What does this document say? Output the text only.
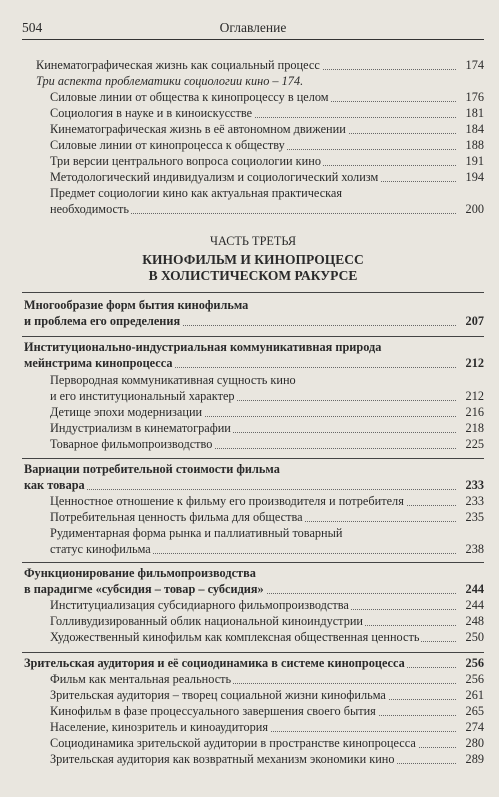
504	Оглавление
Кинематографическая жизнь как социальный процесс	174
Три аспекта проблематики социологии кино – 174.
Силовые линии от общества к кинопроцессу в целом	176
Социология в науке и в киноискусстве	181
Кинематографическая жизнь в её автономном движении	184
Силовые линии от кинопроцесса к обществу	188
Три версии центрального вопроса социологии кино	191
Методологический индивидуализм и социологический холизм	194
Предмет социологии кино как актуальная практическая
необходимость	200
ЧАСТЬ ТРЕТЬЯ
КИНОФИЛЬМ И КИНОПРОЦЕСС
В ХОЛИСТИЧЕСКОМ РАКУРСЕ
Многообразие форм бытия кинофильма
и проблема его определения	207
Институционально-индустриальная коммуникативная природа
мейнстрима кинопроцесса	212
Первородная коммуникативная сущность кино
и его институциональный характер	212
Детище эпохи модернизации	216
Индустриализм в кинематографии	218
Товарное фильмопроизводство	225
Вариации потребительной стоимости фильма
как товара	233
Ценностное отношение к фильму его производителя и потребителя	233
Потребительная ценность фильма для общества	235
Рудиментарная форма рынка и паллиативный товарный
статус кинофильма	238
Функционирование фильмопроизводства
в парадигме «субсидия – товар – субсидия»	244
Институциализация субсидиарного фильмопроизводства	244
Голливудизированный облик национальной киноиндустрии	248
Художественный кинофильм как комплексная общественная ценность	250
Зрительская аудитория и её социодинамика в системе кинопроцесса	256
Фильм как ментальная реальность	256
Зрительская аудитория – творец социальной жизни кинофильма	261
Кинофильм в фазе процессуального завершения своего бытия	265
Население, кинозритель и киноаудитория	274
Социодинамика зрительской аудитории в пространстве кинопроцесса	280
Зрительская аудитория как возвратный механизм экономики кино	289
